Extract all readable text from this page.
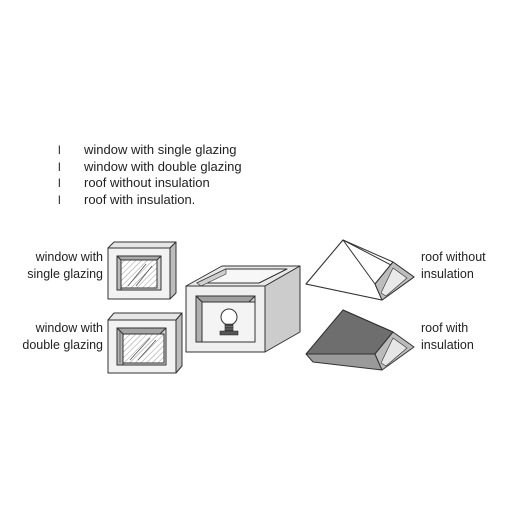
l	window with single glazing
l	window with double glazing
l	roof without insulation
l	roof with insulation.
window with
single glazing
window with
double glazing
roof without
insulation
roof with
insulation
